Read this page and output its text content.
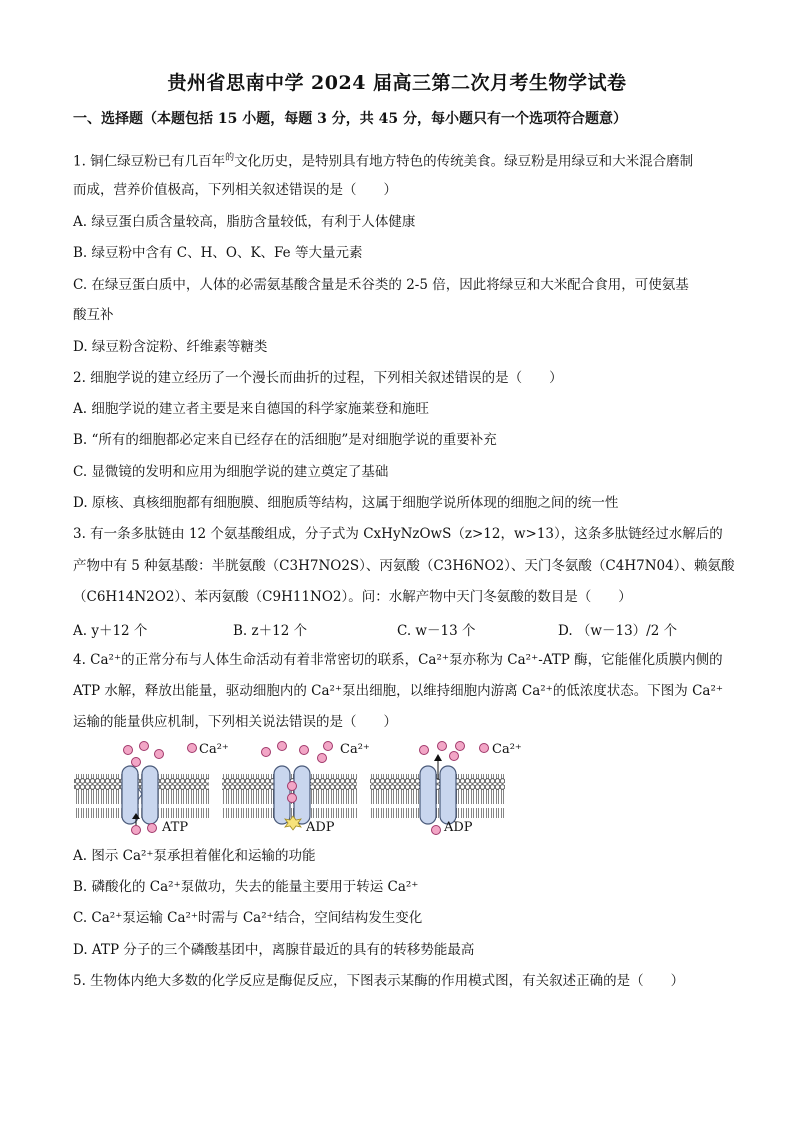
贵州省思南中学 2024 届高三第二次月考生物学试卷
一、选择题（本题包括 15 小题，每题 3 分，共 45 分，每小题只有一个选项符合题意）
1. 铜仁绿豆粉已有几百年$^的$文化历史，是特别具有地方特色的传统美食。绿豆粉是用绿豆和大米混合磨制
而成，营养价值极高，下列相关叙述错误的是（　　）
A. 绿豆蛋白质含量较高，脂肪含量较低，有利于人体健康
B. 绿豆粉中含有 C、H、O、K、Fe 等大量元素
C. 在绿豆蛋白质中，人体的必需氨基酸含量是禾谷类的 2-5 倍，因此将绿豆和大米配合食用，可使氨基
酸互补
D. 绿豆粉含淀粉、纤维素等糖类
2. 细胞学说的建立经历了一个漫长而曲折的过程，下列相关叙述错误的是（　　）
A. 细胞学说的建立者主要是来自德国的科学家施莱登和施旺
B. “所有的细胞都必定来自已经存在的活细胞”是对细胞学说的重要补充
C. 显微镜的发明和应用为细胞学说的建立奠定了基础
D. 原核、真核细胞都有细胞膜、细胞质等结构，这属于细胞学说所体现的细胞之间的统一性
3. 有一条多肽链由 12 个氨基酸组成，分子式为 CxHyNzOwS（z>12，w>13），这条多肽链经过水解后的
产物中有 5 种氨基酸：半胱氨酸（C3H7NO2S）、丙氨酸（C3H6NO2）、天门冬氨酸（C4H7N04）、赖氨酸
（C6H14N2O2）、苯丙氨酸（C9H11NO2）。问：水解产物中天门冬氨酸的数目是（　　）
A. y＋12 个	B. z＋12 个	C. w－13 个	D. （w－13）/2 个
4. Ca²⁺的正常分布与人体生命活动有着非常密切的联系，Ca²⁺泵亦称为 Ca²⁺-ATP 酶，它能催化质膜内侧的
ATP 水解，释放出能量，驱动细胞内的 Ca²⁺泵出细胞，以维持细胞内游离 Ca²⁺的低浓度状态。下图为 Ca²⁺
运输的能量供应机制，下列相关说法错误的是（　　）
Ca²⁺
ATP
Ca²⁺
ADP
Ca²⁺
ADP
A. 图示 Ca²⁺泵承担着催化和运输的功能
B. 磷酸化的 Ca²⁺泵做功，失去的能量主要用于转运 Ca²⁺
C. Ca²⁺泵运输 Ca²⁺时需与 Ca²⁺结合，空间结构发生变化
D. ATP 分子的三个磷酸基团中，离腺苷最近的具有的转移势能最高
5. 生物体内绝大多数的化学反应是酶促反应，下图表示某酶的作用模式图，有关叙述正确的是（　　）
